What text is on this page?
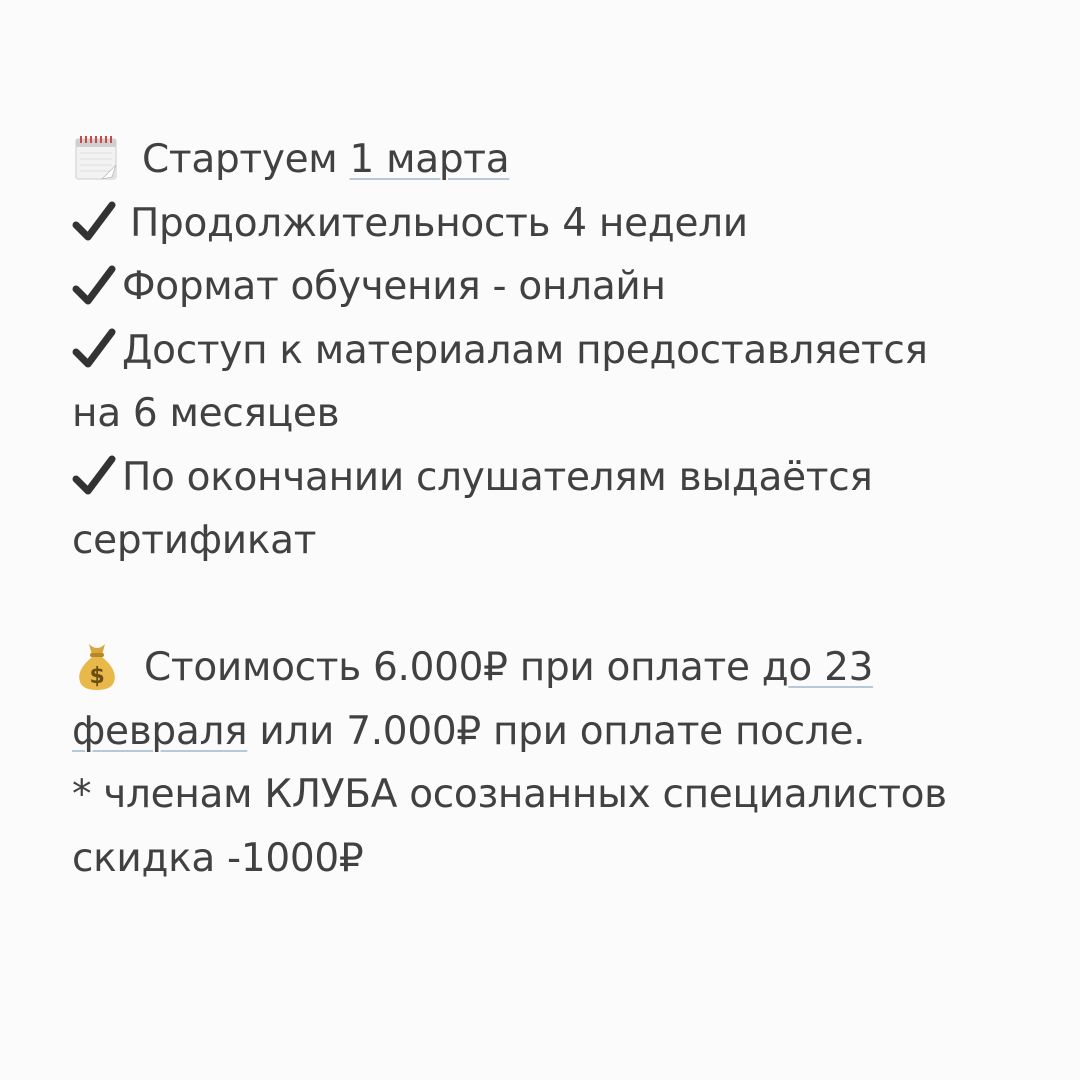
Стартуем 1 марта
Продолжительность 4 недели
Формат обучения - онлайн
Доступ к материалам предоставляется
на 6 месяцев
По окончании слушателям выдаётся
сертификат
$ Стоимость 6.000₽ при оплате до 23
февраля или 7.000₽ при оплате после.
* членам КЛУБА осознанных специалистов
скидка -1000₽
